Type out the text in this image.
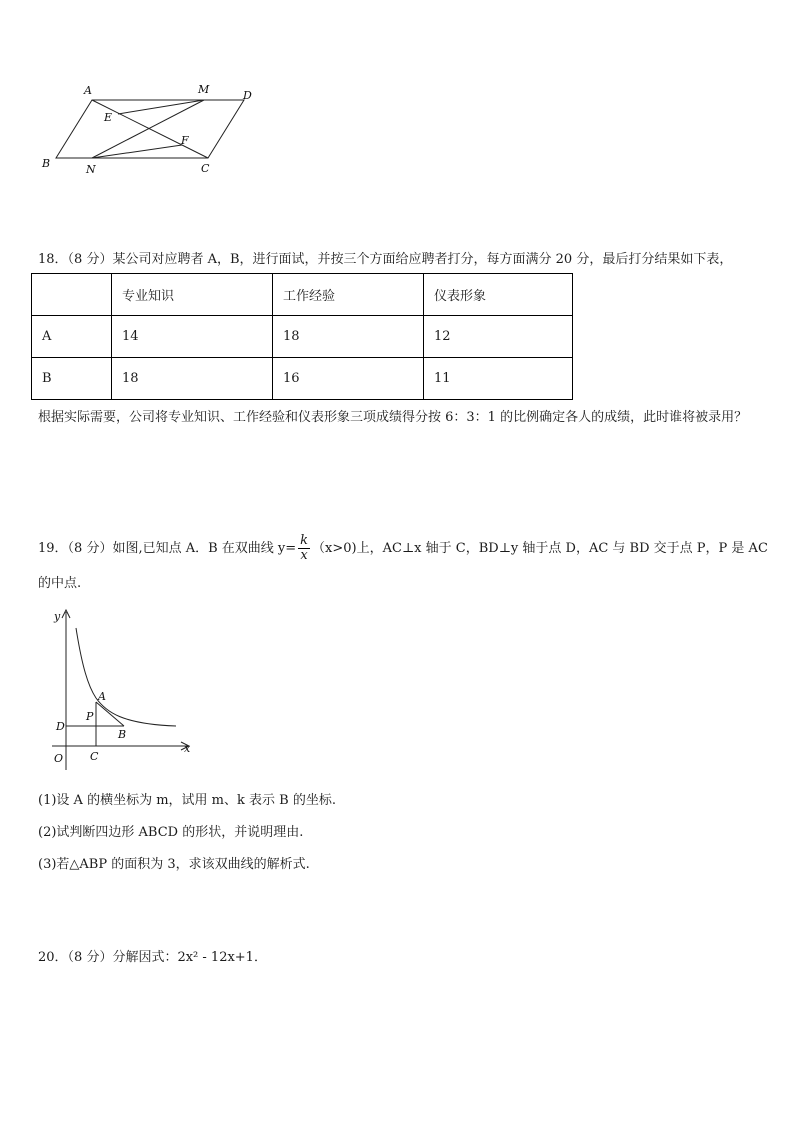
A	M	D
E
F
B	N	C
18．（8 分）某公司对应聘者 A，B，进行面试，并按三个方面给应聘者打分，每方面满分 20 分，最后打分结果如下表，
	专业知识	工作经验	仪表形象
A	14	18	12
B	18	16	11
根据实际需要，公司将专业知识、工作经验和仪表形象三项成绩得分按 6：3：1 的比例确定各人的成绩，此时谁将被录用？
19．（8 分）如图,已知点 A．B 在双曲线 $y= \frac{k}{x} (x>0)$上，AC⊥x 轴于 C，BD⊥y 轴于点 D，AC 与 BD 交于点 P，P 是 AC
的中点.
y
x
O
A
P
B
D
C
(1)设 A 的横坐标为 m，试用 m、k 表示 B 的坐标.
(2)试判断四边形 ABCD 的形状，并说明理由.
(3)若△ABP 的面积为 3，求该双曲线的解析式.
20．（8 分）分解因式：2x² - 12x+1．
